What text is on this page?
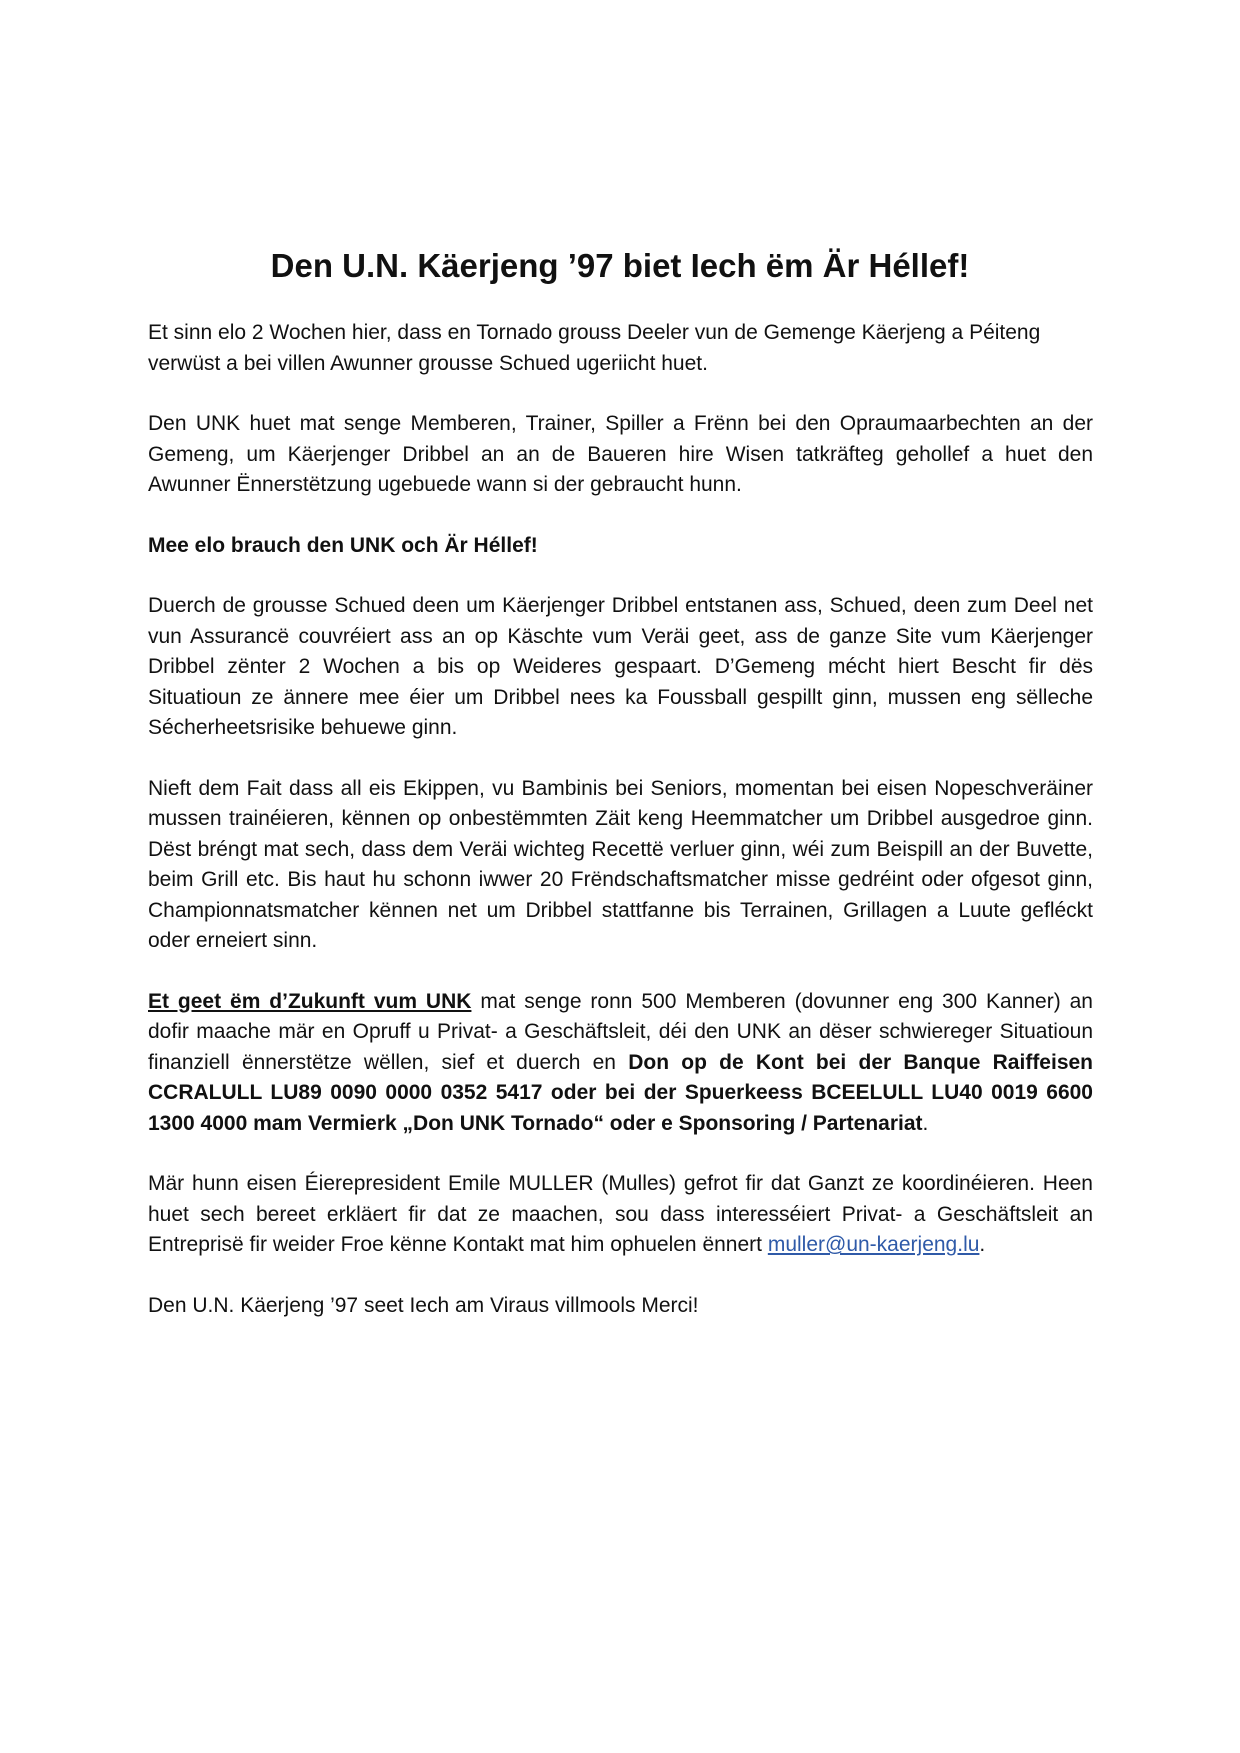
Den U.N. Käerjeng ’97 biet Iech ëm Är Héllef!

Et sinn elo 2 Wochen hier, dass en Tornado grouss Deeler vun de Gemenge Käerjeng a Péiteng verwüst a bei villen Awunner grousse Schued ugeriicht huet.

Den UNK huet mat senge Memberen, Trainer, Spiller a Frënn bei den Opraumaarbechten an der Gemeng, um Käerjenger Dribbel an an de Baueren hire Wisen tatkräfteg gehollef a huet den Awunner Ënnerstëtzung ugebuede wann si der gebraucht hunn.

Mee elo brauch den UNK och Är Héllef!

Duerch de grousse Schued deen um Käerjenger Dribbel entstanen ass, Schued, deen zum Deel net vun Assurancë couvréiert ass an op Käschte vum Veräi geet, ass de ganze Site vum Käerjenger Dribbel zënter 2 Wochen a bis op Weideres gespaart. D’Gemeng mécht hiert Bescht fir dës Situatioun ze ännere mee éier um Dribbel nees ka Foussball gespillt ginn, mussen eng sëlleche Sécherheetsrisike behuewe ginn.

Nieft dem Fait dass all eis Ekippen, vu Bambinis bei Seniors, momentan bei eisen Nopeschveräiner mussen trainéieren, kënnen op onbestëmmten Zäit keng Heemmatcher um Dribbel ausgedroe ginn. Dëst bréngt mat sech, dass dem Veräi wichteg Recettë verluer ginn, wéi zum Beispill an der Buvette, beim Grill etc. Bis haut hu schonn iwwer 20 Frëndschaftsmatcher misse gedréint oder ofgesot ginn, Championnatsmatcher kënnen net um Dribbel stattfanne bis Terrainen, Grillagen a Luute gefléckt oder erneiert sinn.

Et geet ëm d’Zukunft vum UNK mat senge ronn 500 Memberen (dovunner eng 300 Kanner) an dofir maache mär en Opruff u Privat- a Geschäftsleit, déi den UNK an dëser schwiereger Situatioun finanziell ënnerstëtze wëllen, sief et duerch en Don op de Kont bei der Banque Raiffeisen CCRALULL LU89 0090 0000 0352 5417 oder bei der Spuerkeess BCEELULL LU40 0019 6600 1300 4000 mam Vermierk „Don UNK Tornado“ oder e Sponsoring / Partenariat.

Mär hunn eisen Éierepresident Emile MULLER (Mulles) gefrot fir dat Ganzt ze koordinéieren. Heen huet sech bereet erkläert fir dat ze maachen, sou dass interesséiert Privat- a Geschäftsleit an Entreprisë fir weider Froe kënne Kontakt mat him ophuelen ënnert muller@un-kaerjeng.lu.

Den U.N. Käerjeng ’97 seet Iech am Viraus villmools Merci!
